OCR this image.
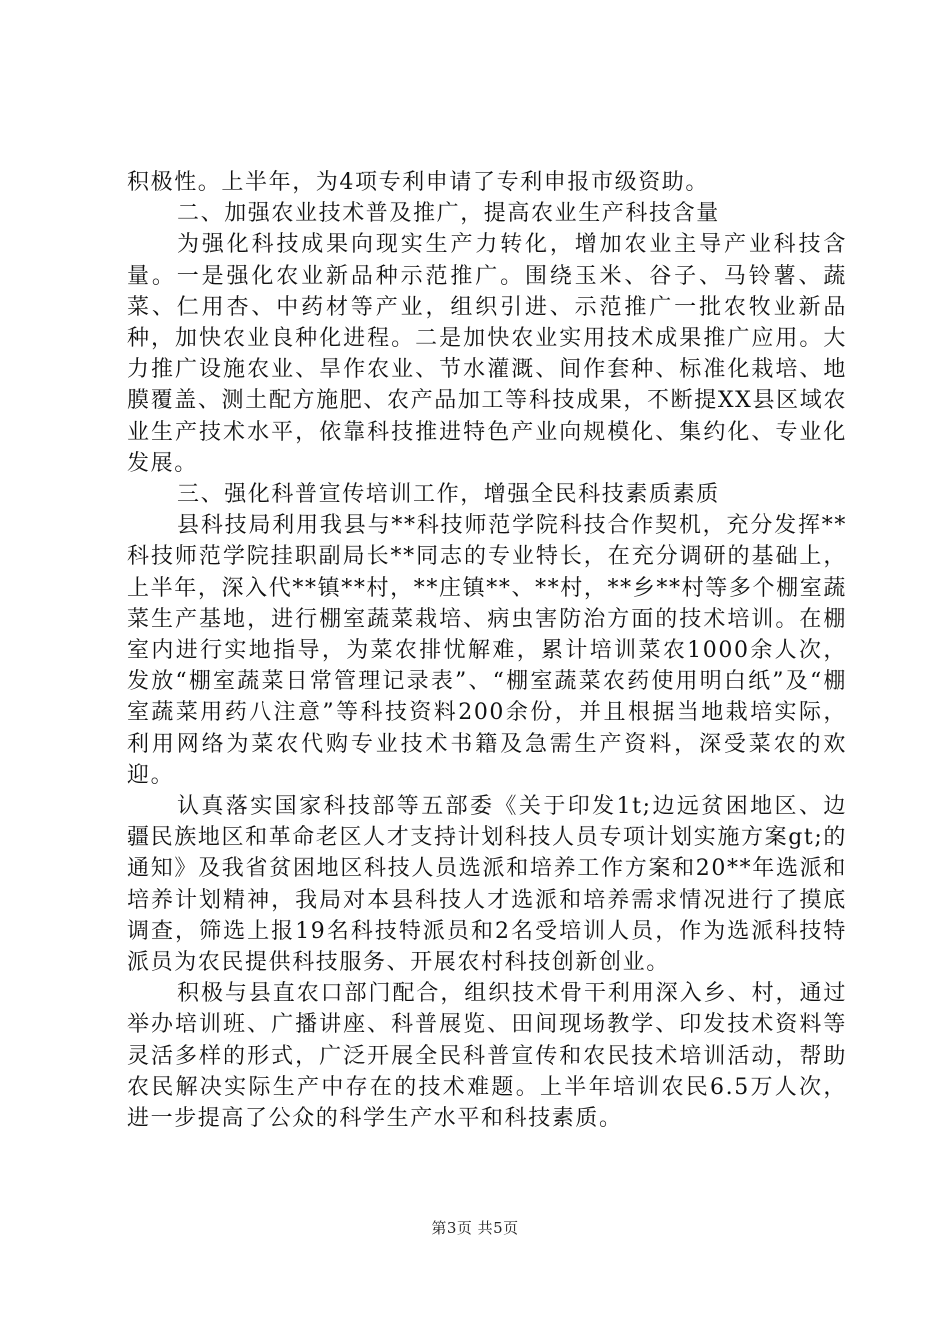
积极性。上半年，为4项专利申请了专利申报市级资助。

二、加强农业技术普及推广，提高农业生产科技含量

为强化科技成果向现实生产力转化，增加农业主导产业科技含量。一是强化农业新品种示范推广。围绕玉米、谷子、马铃薯、蔬菜、仁用杏、中药材等产业，组织引进、示范推广一批农牧业新品种，加快农业良种化进程。二是加快农业实用技术成果推广应用。大力推广设施农业、旱作农业、节水灌溉、间作套种、标准化栽培、地膜覆盖、测土配方施肥、农产品加工等科技成果，不断提XX县区域农业生产技术水平，依靠科技推进特色产业向规模化、集约化、专业化发展。

三、强化科普宣传培训工作，增强全民科技素质素质

县科技局利用我县与**科技师范学院科技合作契机，充分发挥**科技师范学院挂职副局长**同志的专业特长，在充分调研的基础上，上半年，深入代**镇**村，**庄镇**、**村，**乡**村等多个棚室蔬菜生产基地，进行棚室蔬菜栽培、病虫害防治方面的技术培训。在棚室内进行实地指导，为菜农排忧解难，累计培训菜农1000余人次，发放“棚室蔬菜日常管理记录表”、“棚室蔬菜农药使用明白纸”及“棚室蔬菜用药八注意”等科技资料200余份，并且根据当地栽培实际，利用网络为菜农代购专业技术书籍及急需生产资料，深受菜农的欢迎。

认真落实国家科技部等五部委《关于印发1t;边远贫困地区、边疆民族地区和革命老区人才支持计划科技人员专项计划实施方案gt;的通知》及我省贫困地区科技人员选派和培养工作方案和20**年选派和培养计划精神，我局对本县科技人才选派和培养需求情况进行了摸底调查，筛选上报19名科技特派员和2名受培训人员，作为选派科技特派员为农民提供科技服务、开展农村科技创新创业。

积极与县直农口部门配合，组织技术骨干利用深入乡、村，通过举办培训班、广播讲座、科普展览、田间现场教学、印发技术资料等灵活多样的形式，广泛开展全民科普宣传和农民技术培训活动，帮助农民解决实际生产中存在的技术难题。上半年培训农民6.5万人次，进一步提高了公众的科学生产水平和科技素质。

第3页 共5页
